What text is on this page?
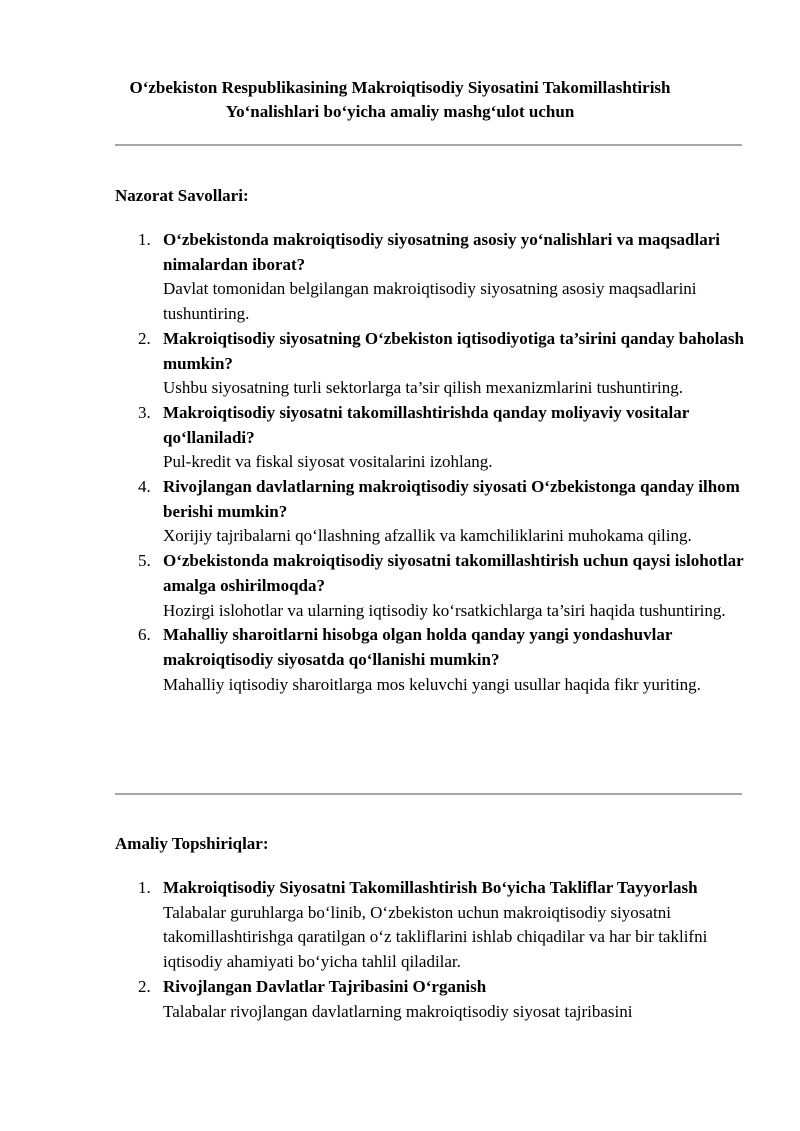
O‘zbekiston Respublikasining Makroiqtisodiy Siyosatini Takomillashtirish
Yo‘nalishlari bo‘yicha amaliy mashg‘ulot uchun
Nazorat Savollari:
1. O‘zbekistonda makroiqtisodiy siyosatning asosiy yo‘nalishlari va maqsadlari nimalardan iborat?
Davlat tomonidan belgilangan makroiqtisodiy siyosatning asosiy maqsadlarini tushuntiring.
2. Makroiqtisodiy siyosatning O‘zbekiston iqtisodiyotiga ta’sirini qanday baholash mumkin?
Ushbu siyosatning turli sektorlarga ta’sir qilish mexanizmlarini tushuntiring.
3. Makroiqtisodiy siyosatni takomillashtirishda qanday moliyaviy vositalar qo‘llaniladi?
Pul-kredit va fiskal siyosat vositalarini izohlang.
4. Rivojlangan davlatlarning makroiqtisodiy siyosati O‘zbekistonga qanday ilhom berishi mumkin?
Xorijiy tajribalarni qo‘llashning afzallik va kamchiliklarini muhokama qiling.
5. O‘zbekistonda makroiqtisodiy siyosatni takomillashtirish uchun qaysi islohotlar amalga oshirilmoqda?
Hozirgi islohotlar va ularning iqtisodiy ko‘rsatkichlarga ta’siri haqida tushuntiring.
6. Mahalliy sharoitlarni hisobga olgan holda qanday yangi yondashuvlar makroiqtisodiy siyosatda qo‘llanishi mumkin?
Mahalliy iqtisodiy sharoitlarga mos keluvchi yangi usullar haqida fikr yuriting.
Amaliy Topshiriqlar:
1. Makroiqtisodiy Siyosatni Takomillashtirish Bo‘yicha Takliflar Tayyorlash
Talabalar guruhlarga bo‘linib, O‘zbekiston uchun makroiqtisodiy siyosatni takomillashtirishga qaratilgan o‘z takliflarini ishlab chiqadilar va har bir taklifni iqtisodiy ahamiyati bo‘yicha tahlil qiladilar.
2. Rivojlangan Davlatlar Tajribasini O‘rganish
Talabalar rivojlangan davlatlarning makroiqtisodiy siyosat tajribasini
